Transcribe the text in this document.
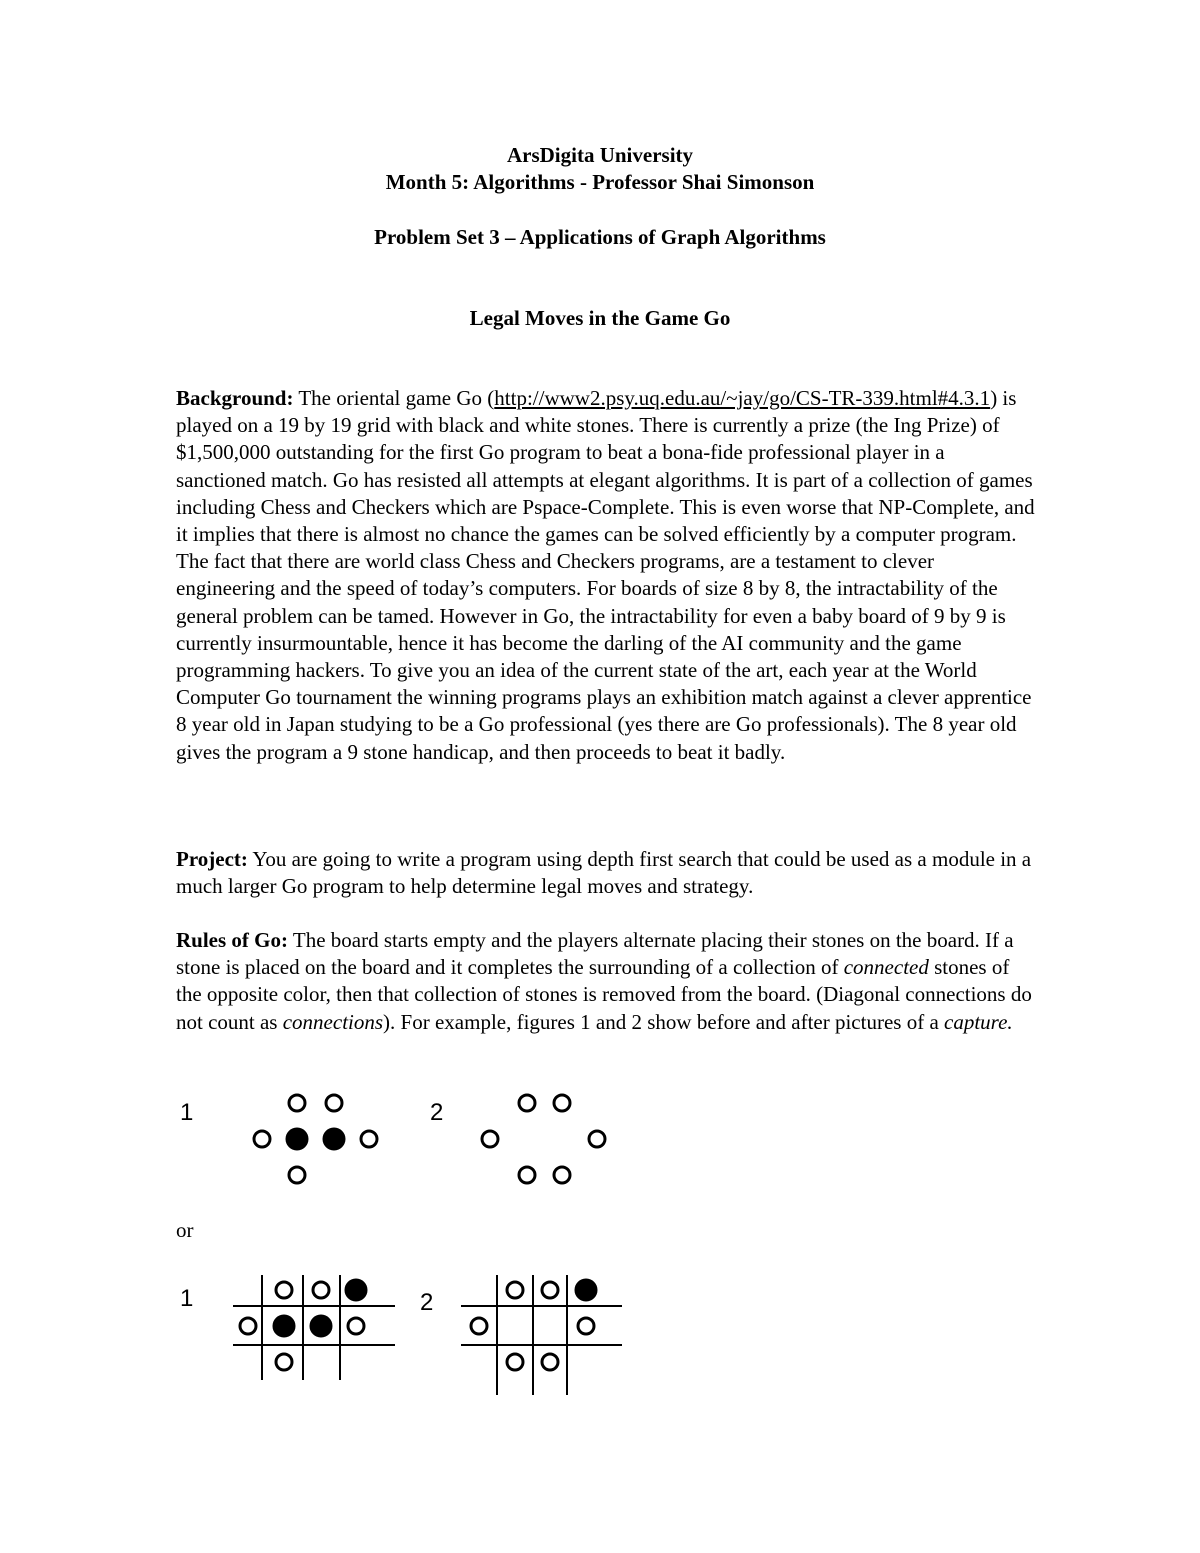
ArsDigita University
Month 5: Algorithms - Professor Shai Simonson
Problem Set 3 – Applications of Graph Algorithms
Legal Moves in the Game Go
Background: The oriental game Go (http://www2.psy.uq.edu.au/~jay/go/CS-TR-339.html#4.3.1) is played on a 19 by 19 grid with black and white stones. There is currently a prize (the Ing Prize) of $1,500,000 outstanding for the first Go program to beat a bona-fide professional player in a sanctioned match. Go has resisted all attempts at elegant algorithms. It is part of a collection of games including Chess and Checkers which are Pspace-Complete. This is even worse that NP-Complete, and it implies that there is almost no chance the games can be solved efficiently by a computer program. The fact that there are world class Chess and Checkers programs, are a testament to clever engineering and the speed of today’s computers. For boards of size 8 by 8, the intractability of the general problem can be tamed. However in Go, the intractability for even a baby board of 9 by 9 is currently insurmountable, hence it has become the darling of the AI community and the game programming hackers. To give you an idea of the current state of the art, each year at the World Computer Go tournament the winning programs plays an exhibition match against a clever apprentice 8 year old in Japan studying to be a Go professional (yes there are Go professionals). The 8 year old gives the program a 9 stone handicap, and then proceeds to beat it badly.
Project: You are going to write a program using depth first search that could be used as a module in a much larger Go program to help determine legal moves and strategy.
Rules of Go: The board starts empty and the players alternate placing their stones on the board. If a stone is placed on the board and it completes the surrounding of a collection of connected stones of the opposite color, then that collection of stones is removed from the board. (Diagonal connections do not count as connections). For example, figures 1 and 2 show before and after pictures of a capture.
1	2
or
1	2
